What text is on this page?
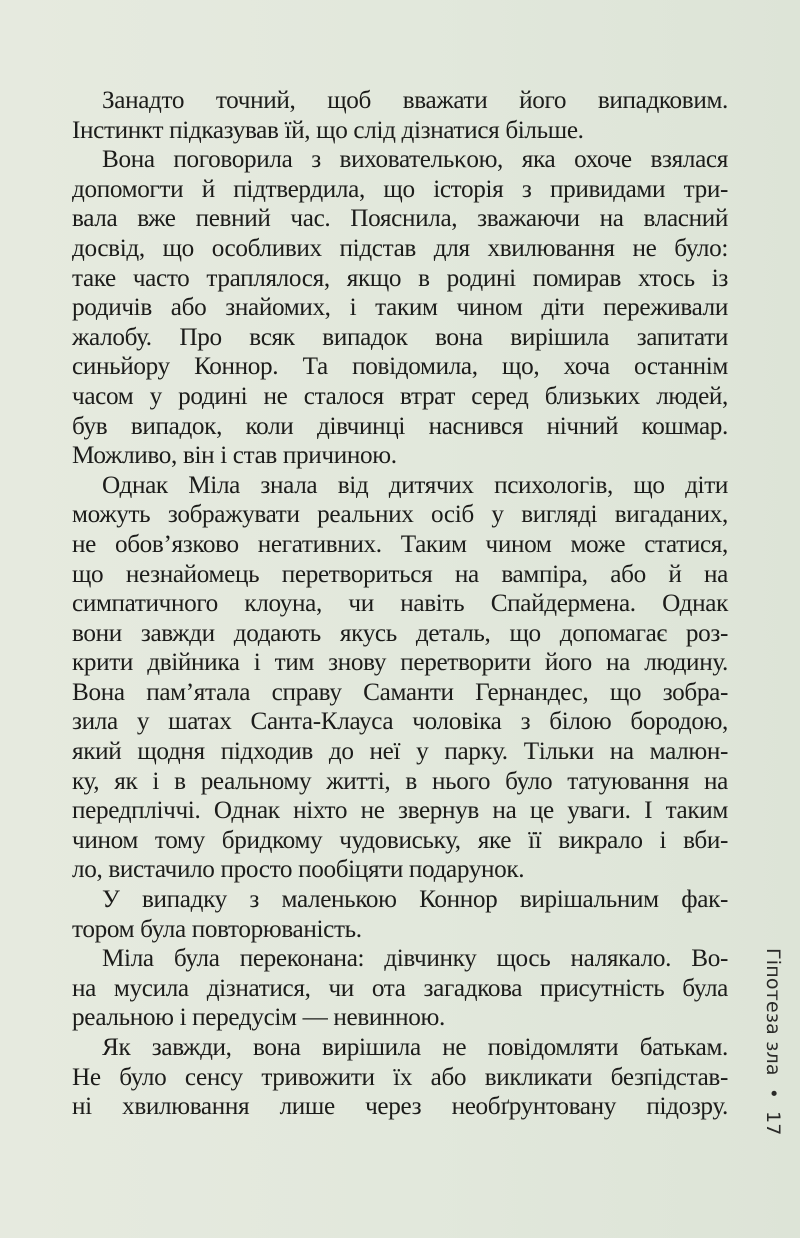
Занадто точний, щоб вважати його випадковим.
Інстинкт підказував їй, що слід дізнатися більше.
Вона поговорила з виховательκою, яка охоче взялася
допомогти й підтвердила, що історія з привидами три-
вала вже певний час. Пояснила, зважаючи на власний
досвід, що особливих підстав для хвилювання не було:
таке часто траплялося, якщо в родині помирав хтось із
родичів або знайомих, і таким чином діти переживали
жалобу. Про всяк випадок вона вирішила запитати
синьйору Коннор. Та повідомила, що, хоча останнім
часом у родині не сталося втрат серед близьких людей,
був випадок, коли дівчинці наснився нічний кошмар.
Можливо, він і став причиною.
Однак Міла знала від дитячих психологів, що діти
можуть зображувати реальних осіб у вигляді вигаданих,
не обов’язково негативних. Таким чином може статися,
що незнайомець перетвориться на вампіра, або й на
симпатичного клоуна, чи навіть Спайдермена. Однак
вони завжди додають якусь деталь, що допомагає роз-
крити двійника і тим знову перетворити його на людину.
Вона пам’ятала справу Саманти Гернандес, що зобра-
зила у шатах Санта-Клауса чоловіка з білою бородою,
який щодня підходив до неї у парку. Тільки на малюн-
ку, як і в реальному житті, в нього було татуювання на
передпліччі. Однак ніхто не звернув на це уваги. І таким
чином тому бридкому чудовиську, яке її викрало і вби-
ло, вистачило просто пообіцяти подарунок.
У випадку з маленькою Коннор вирішальним фак-
тором була повторюваність.
Міла була переконана: дівчинку щось налякало. Во-
на мусила дізнатися, чи ота загадкова присутність була
реальною і передусім — невинною.
Як завжди, вона вирішила не повідомляти батькам.
Не було сенсу тривожити їх або викликати безпідстав-
ні хвилювання лише через необґрунтовану підозру.
Гіпотеза зла
•
17
